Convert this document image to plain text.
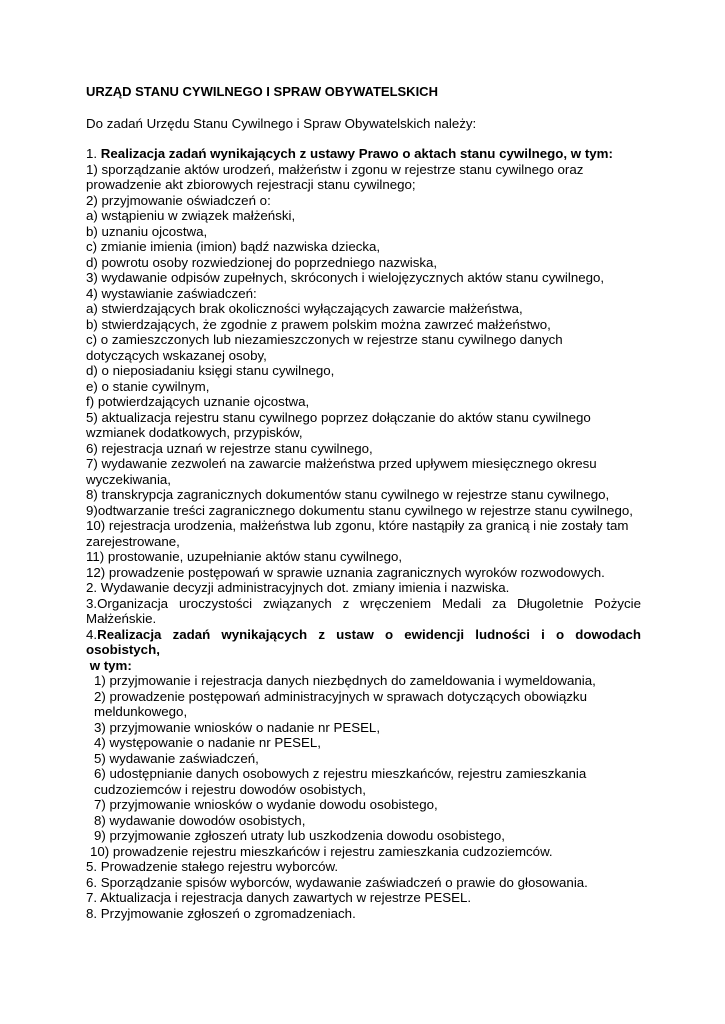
URZĄD STANU CYWILNEGO I SPRAW OBYWATELSKICH

Do zadań Urzędu Stanu Cywilnego i Spraw Obywatelskich należy:

1. Realizacja zadań wynikających z ustawy Prawo o aktach stanu cywilnego, w tym:

1) sporządzanie aktów urodzeń, małżeństw i zgonu w rejestrze stanu cywilnego oraz

prowadzenie akt zbiorowych rejestracji stanu cywilnego;

2) przyjmowanie oświadczeń o:

a) wstąpieniu w związek małżeński,

b) uznaniu ojcostwa,

c) zmianie imienia (imion) bądź nazwiska dziecka,

d) powrotu osoby rozwiedzionej do poprzedniego nazwiska,

3) wydawanie odpisów zupełnych, skróconych i wielojęzycznych aktów stanu cywilnego,

4) wystawianie zaświadczeń:

a) stwierdzających brak okoliczności wyłączających zawarcie małżeństwa,

b) stwierdzających, że zgodnie z prawem polskim można zawrzeć małżeństwo,

c) o zamieszczonych lub niezamieszczonych w rejestrze stanu cywilnego danych

dotyczących wskazanej osoby,

d) o nieposiadaniu księgi stanu cywilnego,

e) o stanie cywilnym,

f) potwierdzających uznanie ojcostwa,

5) aktualizacja rejestru stanu cywilnego poprzez dołączanie do aktów stanu cywilnego

wzmianek dodatkowych, przypisków,

6) rejestracja uznań w rejestrze stanu cywilnego,

7) wydawanie zezwoleń na zawarcie małżeństwa przed upływem miesięcznego okresu

wyczekiwania,

8) transkrypcja zagranicznych dokumentów stanu cywilnego w rejestrze stanu cywilnego,

9)odtwarzanie treści zagranicznego dokumentu stanu cywilnego w rejestrze stanu cywilnego,

10) rejestracja urodzenia, małżeństwa lub zgonu, które nastąpiły za granicą i nie zostały tam

zarejestrowane,

11) prostowanie, uzupełnianie aktów stanu cywilnego,

12) prowadzenie postępowań w sprawie uznania zagranicznych wyroków rozwodowych.

2. Wydawanie decyzji administracyjnych dot. zmiany imienia i nazwiska.

3.Organizacja uroczystości związanych z wręczeniem Medali za Długoletnie Pożycie

Małżeńskie.

4.Realizacja zadań wynikających z ustaw o ewidencji ludności i o dowodach

osobistych,

w tym:

1) przyjmowanie i rejestracja danych niezbędnych do zameldowania i wymeldowania,

2) prowadzenie postępowań administracyjnych w sprawach dotyczących obowiązku

meldunkowego,

3) przyjmowanie wniosków o nadanie nr PESEL,

4) występowanie o nadanie nr PESEL,

5) wydawanie zaświadczeń,

6) udostępnianie danych osobowych z rejestru mieszkańców, rejestru zamieszkania

cudzoziemców i rejestru dowodów osobistych,

7) przyjmowanie wniosków o wydanie dowodu osobistego,

8) wydawanie dowodów osobistych,

9) przyjmowanie zgłoszeń utraty lub uszkodzenia dowodu osobistego,

10) prowadzenie rejestru mieszkańców i rejestru zamieszkania cudzoziemców.

5. Prowadzenie stałego rejestru wyborców.

6. Sporządzanie spisów wyborców, wydawanie zaświadczeń o prawie do głosowania.

7. Aktualizacja i rejestracja danych zawartych w rejestrze PESEL.

8. Przyjmowanie zgłoszeń o zgromadzeniach.
